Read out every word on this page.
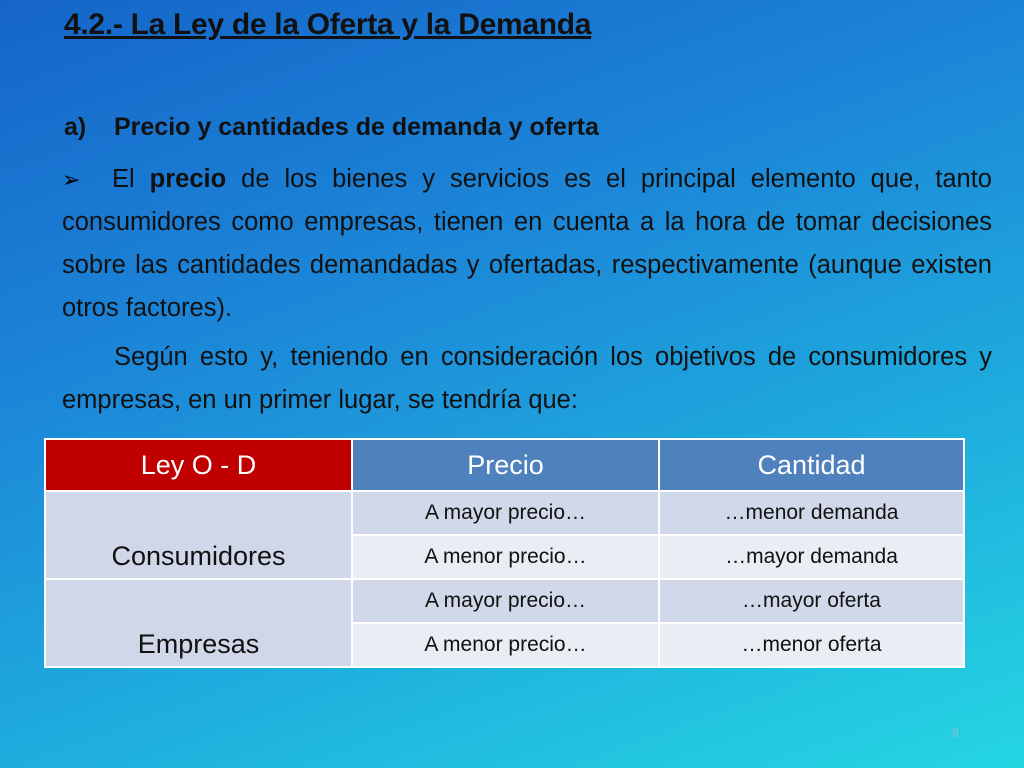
4.2.- La Ley de la Oferta y la Demanda
a) Precio y cantidades de demanda y oferta
➢ El precio de los bienes y servicios es el principal elemento que, tanto consumidores como empresas, tienen en cuenta a la hora de tomar decisiones sobre las cantidades demandadas y ofertadas, respectivamente (aunque existen otros factores).
Según esto y, teniendo en consideración los objetivos de consumidores y empresas, en un primer lugar, se tendría que:
Ley O - D	Precio	Cantidad

Consumidores	A mayor precio…	…menor demanda
	A menor precio…	…mayor demanda

Empresas	A mayor precio…	…mayor oferta
	A menor precio…	…menor oferta
9
